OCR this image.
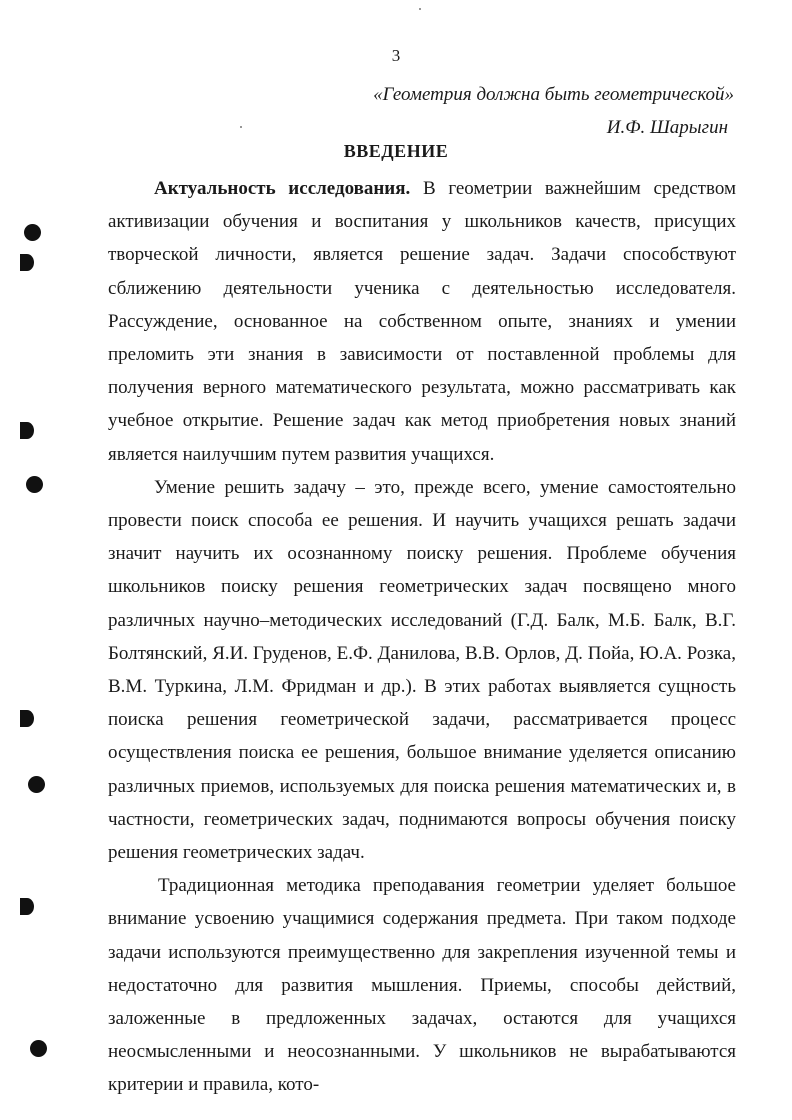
3
«Геометрия должна быть геометрической»
И.Ф. Шарыгин
ВВЕДЕНИЕ

Актуальность исследования. В геометрии важнейшим средством активизации обучения и воспитания у школьников качеств, присущих творческой личности, является решение задач. Задачи способствуют сближению деятельности ученика с деятельностью исследователя. Рассуждение, основанное на собственном опыте, знаниях и умении преломить эти знания в зависимости от поставленной проблемы для получения верного математического результата, можно рассматривать как учебное открытие. Решение задач как метод приобретения новых знаний является наилучшим путем развития учащихся.

Умение решить задачу – это, прежде всего, умение самостоятельно провести поиск способа ее решения. И научить учащихся решать задачи значит научить их осознанному поиску решения. Проблеме обучения школьников поиску решения геометрических задач посвящено много различных научно–методических исследований (Г.Д. Балк, М.Б. Балк, В.Г. Болтянский, Я.И. Груденов, Е.Ф. Данилова, В.В. Орлов, Д. Пойа, Ю.А. Розка, В.М. Туркина, Л.М. Фридман и др.). В этих работах выявляется сущность поиска решения геометрической задачи, рассматривается процесс осуществления поиска ее решения, большое внимание уделяется описанию различных приемов, используемых для поиска решения математических и, в частности, геометрических задач, поднимаются вопросы обучения поиску решения геометрических задач.

Традиционная методика преподавания геометрии уделяет большое внимание усвоению учащимися содержания предмета. При таком подходе задачи используются преимущественно для закрепления изученной темы и недостаточно для развития мышления. Приемы, способы действий, заложенные в предложенных задачах, остаются для учащихся неосмысленными и неосознанными. У школьников не вырабатываются критерии и правила, кото-
